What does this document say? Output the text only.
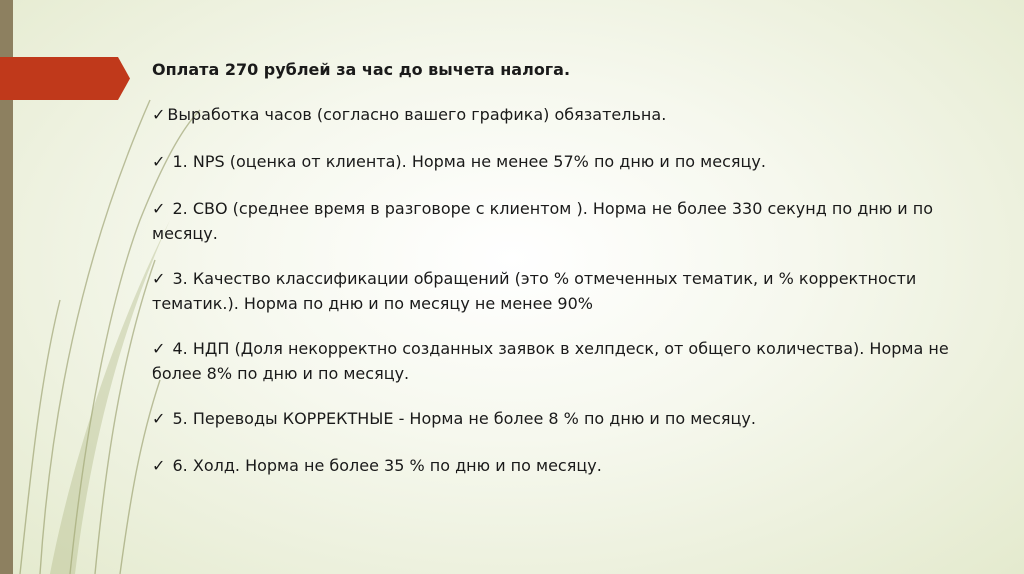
Оплата 270 рублей за час до вычета налога.

✓ Выработка часов (согласно вашего графика) обязательна.

✓ 1. NPS (оценка от клиента). Норма не менее 57% по дню и по месяцу.

✓ 2. СВО (среднее время в разговоре с клиентом ). Норма не более 330 секунд по дню и по месяцу.

✓ 3. Качество классификации обращений (это % отмеченных тематик, и % корректности тематик.). Норма по дню и по месяцу не менее 90%

✓ 4. НДП (Доля некорректно созданных заявок в хелпдеск, от общего количества). Норма не более 8% по дню и по месяцу.

✓ 5. Переводы КОРРЕКТНЫЕ - Норма не более 8 % по дню и по месяцу.

✓ 6. Холд. Норма не более 35 % по дню и по месяцу.
